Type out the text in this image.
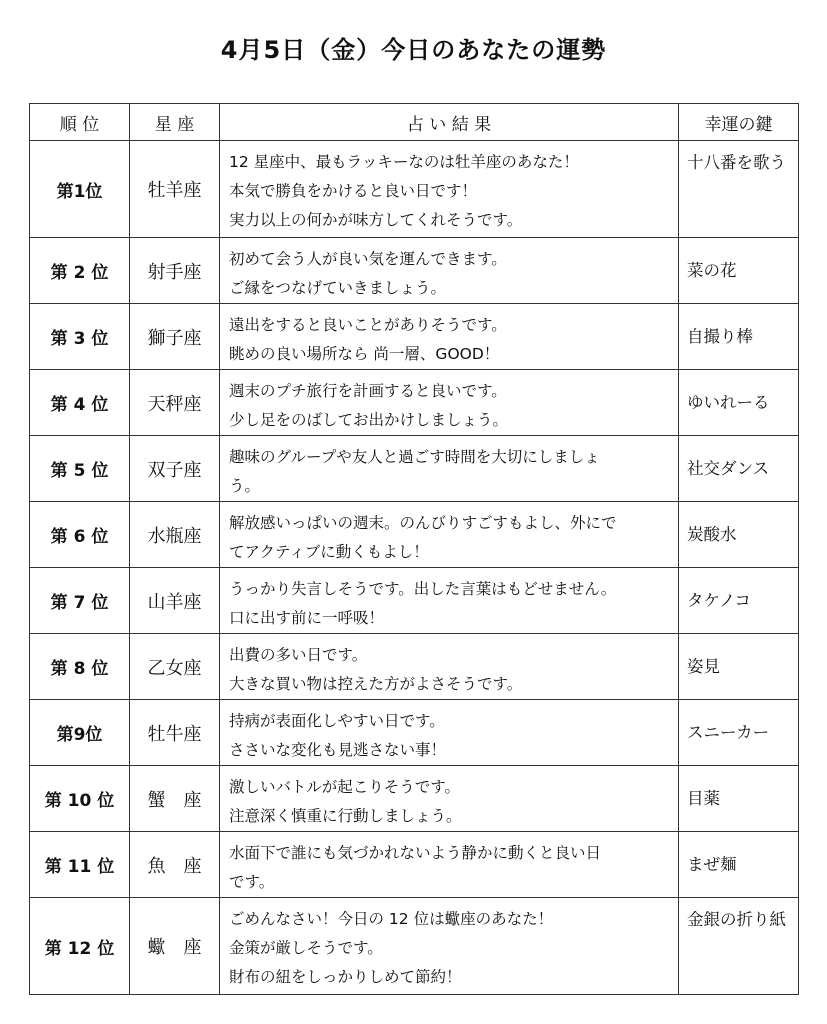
4月5日（金）今日のあなたの運勢
順 位	星 座	占 い 結 果	幸運の鍵
第1位	牡羊座	12 星座中、最もラッキーなのは牡羊座のあなた！
本気で勝負をかけると良い日です！
実力以上の何かが味方してくれそうです。	十八番を歌う
第 2 位	射手座	初めて会う人が良い気を運んできます。
ご縁をつなげていきましょう。	菜の花
第 3 位	獅子座	遠出をすると良いことがありそうです。
眺めの良い場所なら 尚一層、GOOD！	自撮り棒
第 4 位	天秤座	週末のプチ旅行を計画すると良いです。
少し足をのばしてお出かけしましょう。	ゆいれーる
第 5 位	双子座	趣味のグループや友人と過ごす時間を大切にしましょ
う。	社交ダンス
第 6 位	水瓶座	解放感いっぱいの週末。のんびりすごすもよし、外にで
てアクティブに動くもよし！	炭酸水
第 7 位	山羊座	うっかり失言しそうです。出した言葉はもどせません。
口に出す前に一呼吸！	タケノコ
第 8 位	乙女座	出費の多い日です。
大きな買い物は控えた方がよさそうです。	姿見
第9位	牡牛座	持病が表面化しやすい日です。
ささいな変化も見逃さない事！	スニーカー
第 10 位	蟹　座	激しいバトルが起こりそうです。
注意深く慎重に行動しましょう。	目薬
第 11 位	魚　座	水面下で誰にも気づかれないよう静かに動くと良い日
です。	まぜ麺
第 12 位	蠍　座	ごめんなさい！今日の 12 位は蠍座のあなた！
金策が厳しそうです。
財布の紐をしっかりしめて節約！	金銀の折り紙
